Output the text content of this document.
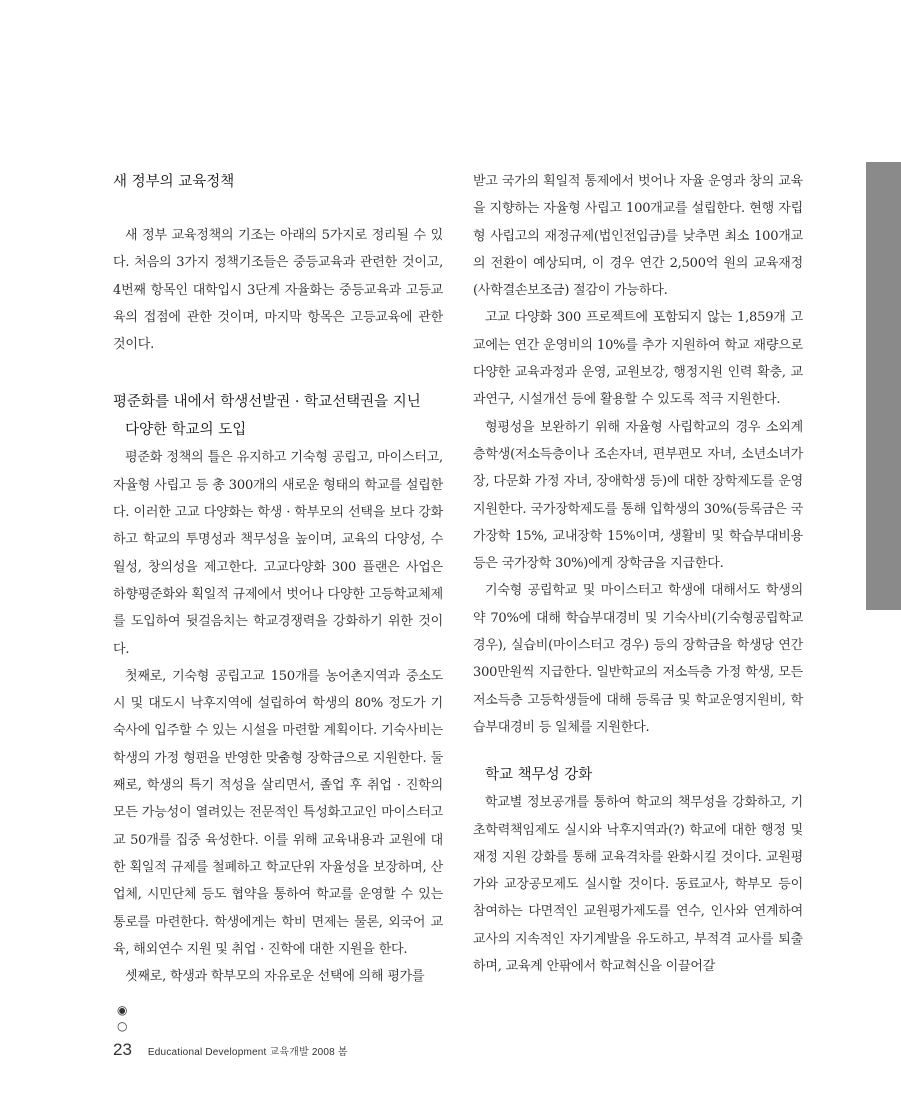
새 정부의 교육정책

새 정부 교육정책의 기조는 아래의 5가지로 정리될 수 있다. 처음의 3가지 정책기조들은 중등교육과 관련한 것이고, 4번째 항목인 대학입시 3단계 자율화는 중등교육과 고등교육의 접점에 관한 것이며, 마지막 항목은 고등교육에 관한 것이다.

평준화를 내에서 학생선발권 · 학교선택권을 지닌
다양한 학교의 도입

평준화 정책의 틀은 유지하고 기숙형 공립고, 마이스터고, 자율형 사립고 등 총 300개의 새로운 형태의 학교를 설립한다. 이러한 고교 다양화는 학생 · 학부모의 선택을 보다 강화하고 학교의 투명성과 책무성을 높이며, 교육의 다양성, 수월성, 창의성을 제고한다. 고교다양화 300 플랜은 사업은 하향평준화와 획일적 규제에서 벗어나 다양한 고등학교체제를 도입하여 뒷걸음치는 학교경쟁력을 강화하기 위한 것이다.

첫째로, 기숙형 공립고교 150개를 농어촌지역과 중소도시 및 대도시 낙후지역에 설립하여 학생의 80% 정도가 기숙사에 입주할 수 있는 시설을 마련할 계획이다. 기숙사비는 학생의 가정 형편을 반영한 맞춤형 장학금으로 지원한다. 둘째로, 학생의 특기 적성을 살리면서, 졸업 후 취업 · 진학의 모든 가능성이 열려있는 전문적인 특성화고교인 마이스터고교 50개를 집중 육성한다. 이를 위해 교육내용과 교원에 대한 획일적 규제를 철폐하고 학교단위 자율성을 보장하며, 산업체, 시민단체 등도 협약을 통하여 학교를 운영할 수 있는 통로를 마련한다. 학생에게는 학비 면제는 물론, 외국어 교육, 해외연수 지원 및 취업 · 진학에 대한 지원을 한다.

셋째로, 학생과 학부모의 자유로운 선택에 의해 평가를

받고 국가의 획일적 통제에서 벗어나 자율 운영과 창의 교육을 지향하는 자율형 사립고 100개교를 설립한다. 현행 자립형 사립고의 재정규제(법인전입금)를 낮추면 최소 100개교의 전환이 예상되며, 이 경우 연간 2,500억 원의 교육재정(사학결손보조금) 절감이 가능하다.

고교 다양화 300 프로젝트에 포함되지 않는 1,859개 고교에는 연간 운영비의 10%를 추가 지원하여 학교 재량으로 다양한 교육과정과 운영, 교원보강, 행정지원 인력 확충, 교과연구, 시설개선 등에 활용할 수 있도록 적극 지원한다.

형평성을 보완하기 위해 자율형 사립학교의 경우 소외계층학생(저소득층이나 조손자녀, 편부편모 자녀, 소년소녀가장, 다문화 가정 자녀, 장애학생 등)에 대한 장학제도를 운영 지원한다. 국가장학제도를 통해 입학생의 30%(등록금은 국가장학 15%, 교내장학 15%이며, 생활비 및 학습부대비용 등은 국가장학 30%)에게 장학금을 지급한다.

기숙형 공립학교 및 마이스터고 학생에 대해서도 학생의 약 70%에 대해 학습부대경비 및 기숙사비(기숙형공립학교 경우), 실습비(마이스터고 경우) 등의 장학금을 학생당 연간 300만원씩 지급한다. 일반학교의 저소득층 가정 학생, 모든 저소득층 고등학생들에 대해 등록금 및 학교운영지원비, 학습부대경비 등 일체를 지원한다.

학교 책무성 강화

학교별 정보공개를 통하여 학교의 책무성을 강화하고, 기초학력책임제도 실시와 낙후지역과(?) 학교에 대한 행정 및 재정 지원 강화를 통해 교육격차를 완화시킬 것이다. 교원평가와 교장공모제도 실시할 것이다. 동료교사, 학부모 등이 참여하는 다면적인 교원평가제도를 연수, 인사와 연계하여 교사의 지속적인 자기계발을 유도하고, 부적격 교사를 퇴출하며, 교육계 안팎에서 학교혁신을 이끌어갈

◉
○
23 Educational Development 교육개발 2008 봄
